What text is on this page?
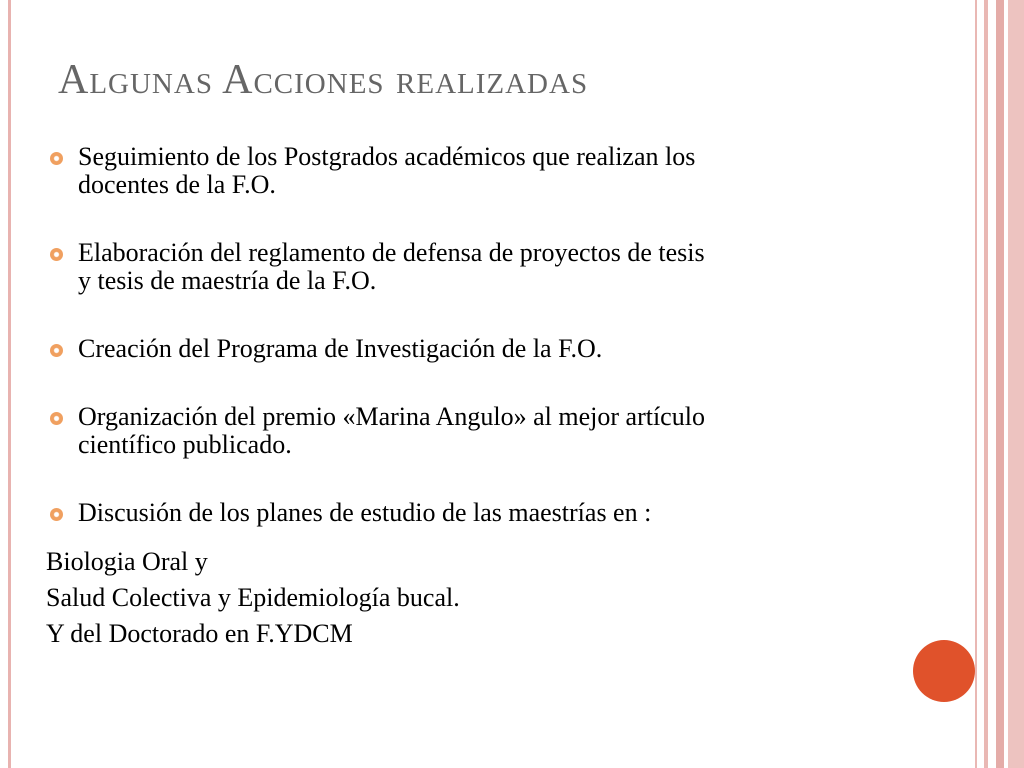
Algunas Acciones realizadas
Seguimiento de los Postgrados académicos que realizan los
docentes de la F.O.
Elaboración del reglamento de defensa de proyectos de tesis
y tesis de maestría de la F.O.
Creación del Programa de Investigación de la F.O.
Organización del premio «Marina Angulo» al mejor artículo
científico publicado.
Discusión de los planes de estudio de las maestrías en :
Biologia Oral y
Salud Colectiva y Epidemiología bucal.
Y del Doctorado en F.YDCM
